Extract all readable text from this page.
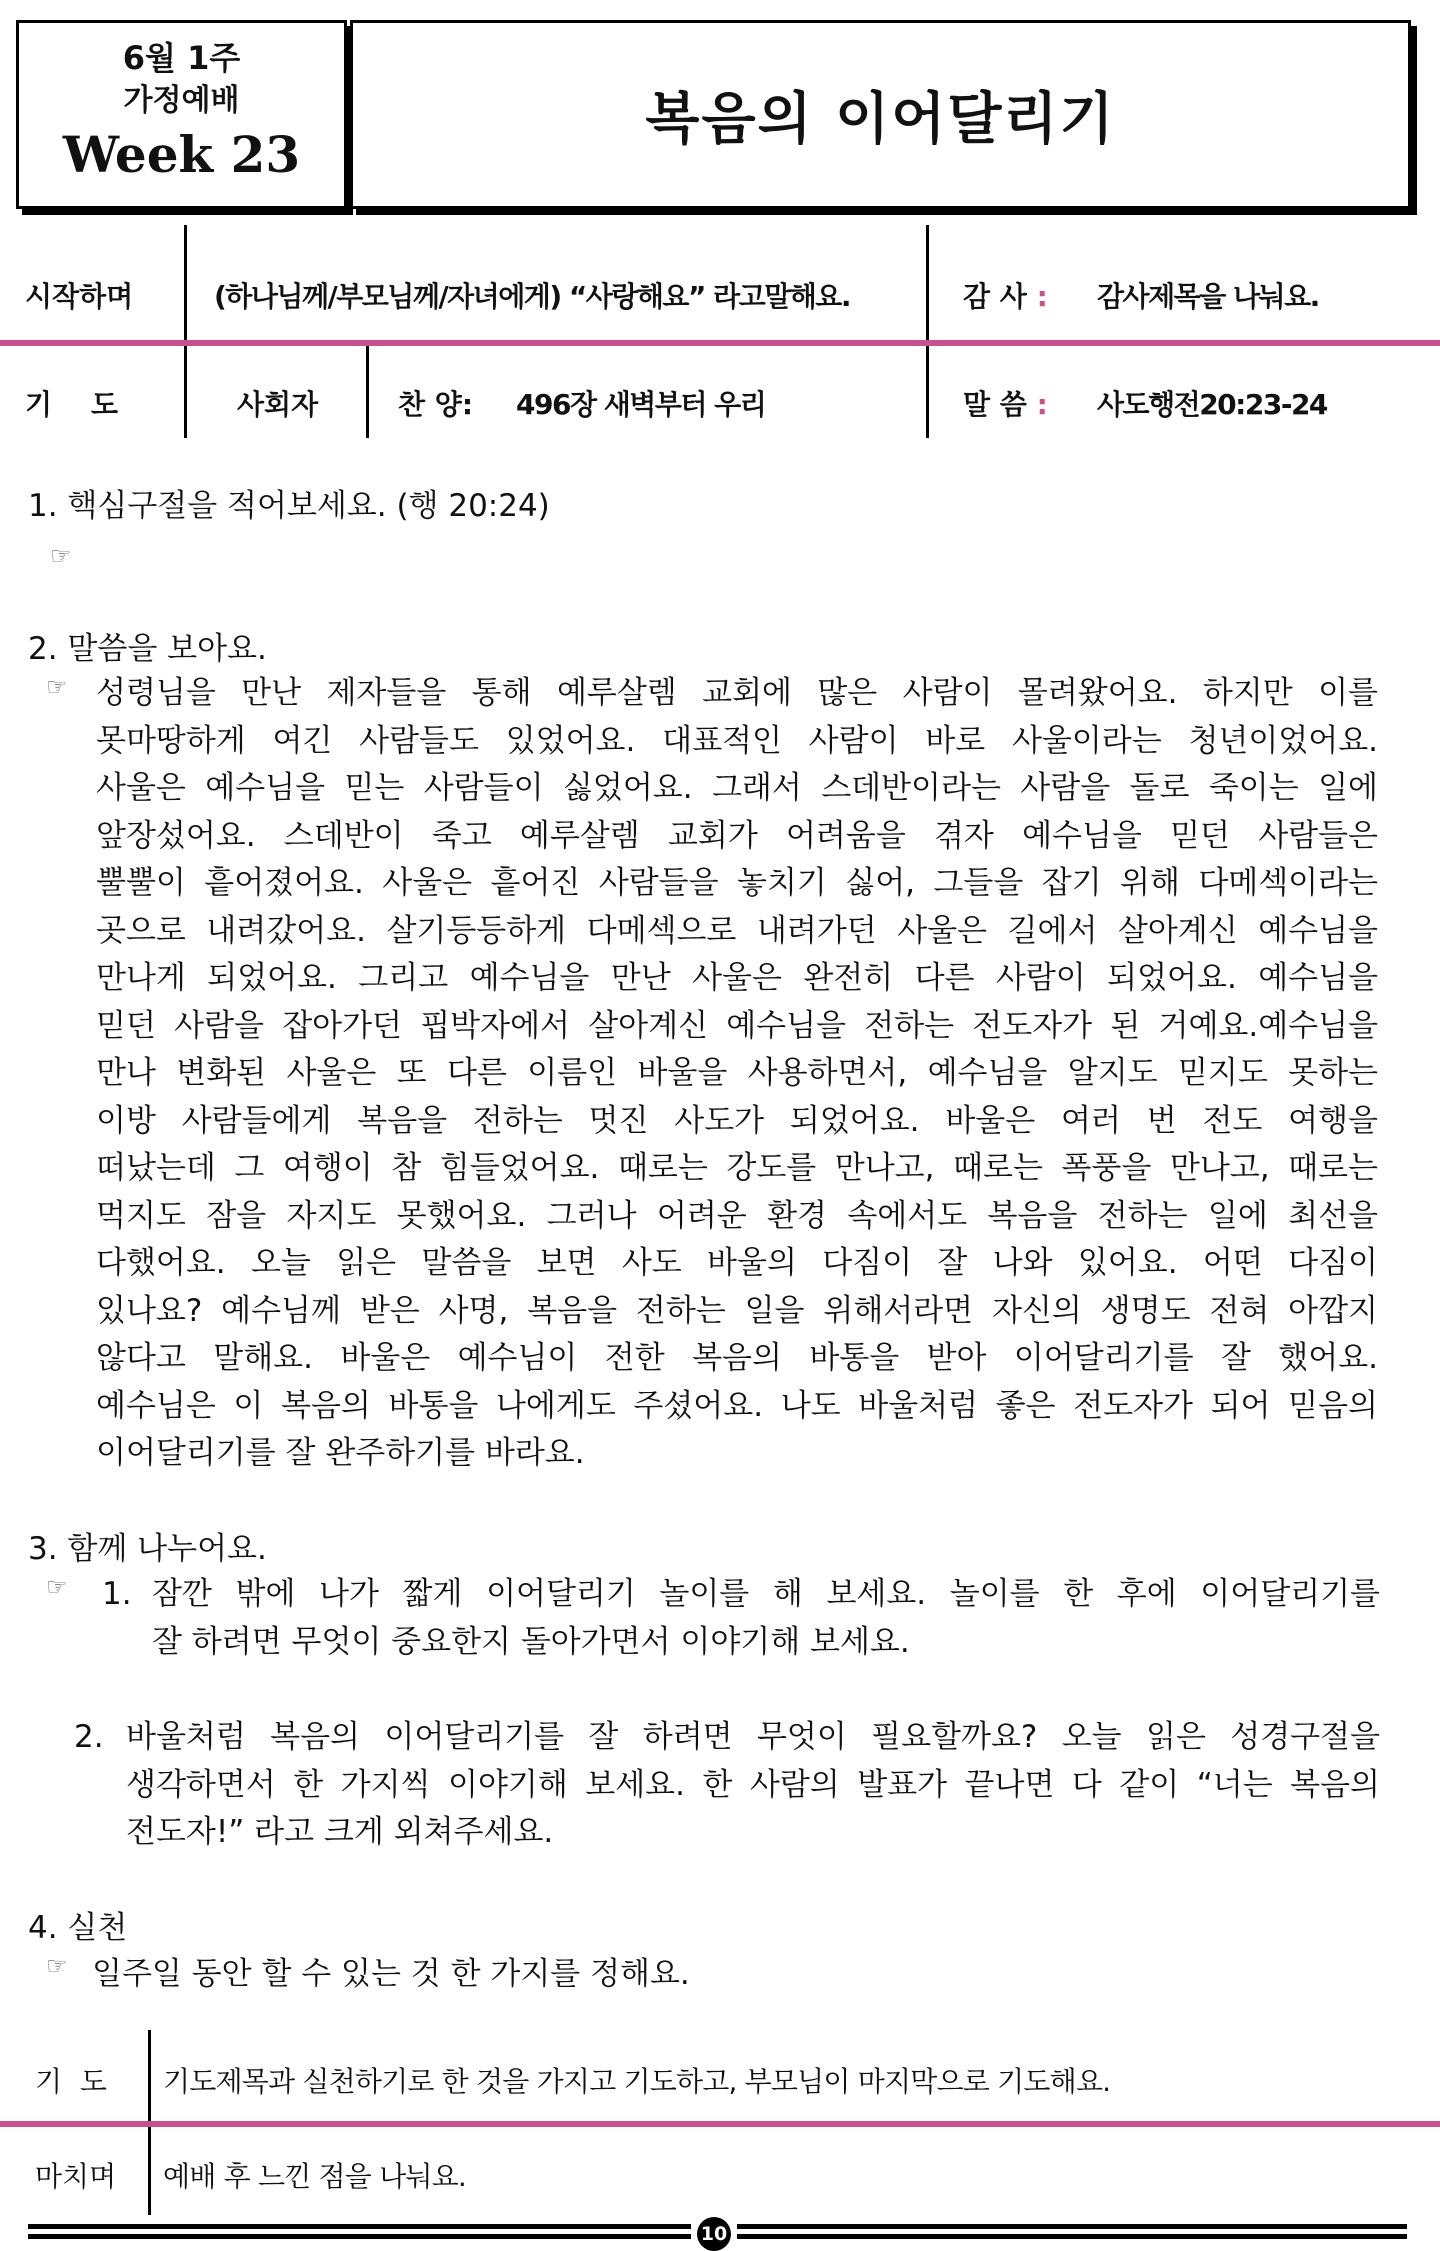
6월 1주
가정예배
Week 23
복음의 이어달리기
시작하며	(하나님께/부모님께/자녀에게) “사랑해요” 라고말해요.	감 사 : 감사제목을 나눠요.
기    도	사회자	찬 양: 496장 새벽부터 우리	말 씀 : 사도행전20:23-24
1. 핵심구절을 적어보세요. (행 20:24)
☞
2. 말씀을 보아요.
☞ 성령님을 만난 제자들을 통해 예루살렘 교회에 많은 사람이 몰려왔어요. 하지만 이를
못마땅하게 여긴 사람들도 있었어요. 대표적인 사람이 바로 사울이라는 청년이었어요.
사울은 예수님을 믿는 사람들이 싫었어요. 그래서 스데반이라는 사람을 돌로 죽이는 일에
앞장섰어요. 스데반이 죽고 예루살렘 교회가 어려움을 겪자 예수님을 믿던 사람들은
뿔뿔이 흩어졌어요. 사울은 흩어진 사람들을 놓치기 싫어, 그들을 잡기 위해 다메섹이라는
곳으로 내려갔어요. 살기등등하게 다메섹으로 내려가던 사울은 길에서 살아계신 예수님을
만나게 되었어요. 그리고 예수님을 만난 사울은 완전히 다른 사람이 되었어요. 예수님을
믿던 사람을 잡아가던 핍박자에서 살아계신 예수님을 전하는 전도자가 된 거예요.예수님을
만나 변화된 사울은 또 다른 이름인 바울을 사용하면서, 예수님을 알지도 믿지도 못하는
이방 사람들에게 복음을 전하는 멋진 사도가 되었어요. 바울은 여러 번 전도 여행을
떠났는데 그 여행이 참 힘들었어요. 때로는 강도를 만나고, 때로는 폭풍을 만나고, 때로는
먹지도 잠을 자지도 못했어요. 그러나 어려운 환경 속에서도 복음을 전하는 일에 최선을
다했어요. 오늘 읽은 말씀을 보면 사도 바울의 다짐이 잘 나와 있어요. 어떤 다짐이
있나요? 예수님께 받은 사명, 복음을 전하는 일을 위해서라면 자신의 생명도 전혀 아깝지
않다고 말해요. 바울은 예수님이 전한 복음의 바통을 받아 이어달리기를 잘 했어요.
예수님은 이 복음의 바통을 나에게도 주셨어요. 나도 바울처럼 좋은 전도자가 되어 믿음의
이어달리기를 잘 완주하기를 바라요.
3. 함께 나누어요.
☞	1. 잠깐 밖에 나가 짧게 이어달리기 놀이를 해 보세요. 놀이를 한 후에 이어달리기를
잘 하려면 무엇이 중요한지 돌아가면서 이야기해 보세요.
2. 바울처럼 복음의 이어달리기를 잘 하려면 무엇이 필요할까요? 오늘 읽은 성경구절을
생각하면서 한 가지씩 이야기해 보세요. 한 사람의 발표가 끝나면 다 같이 “너는 복음의
전도자!” 라고 크게 외쳐주세요.
4. 실천
☞ 일주일 동안 할 수 있는 것 한 가지를 정해요.
기  도 기도제목과 실천하기로 한 것을 가지고 기도하고, 부모님이 마지막으로 기도해요.
마치며 예배 후 느낀 점을 나눠요.
10
